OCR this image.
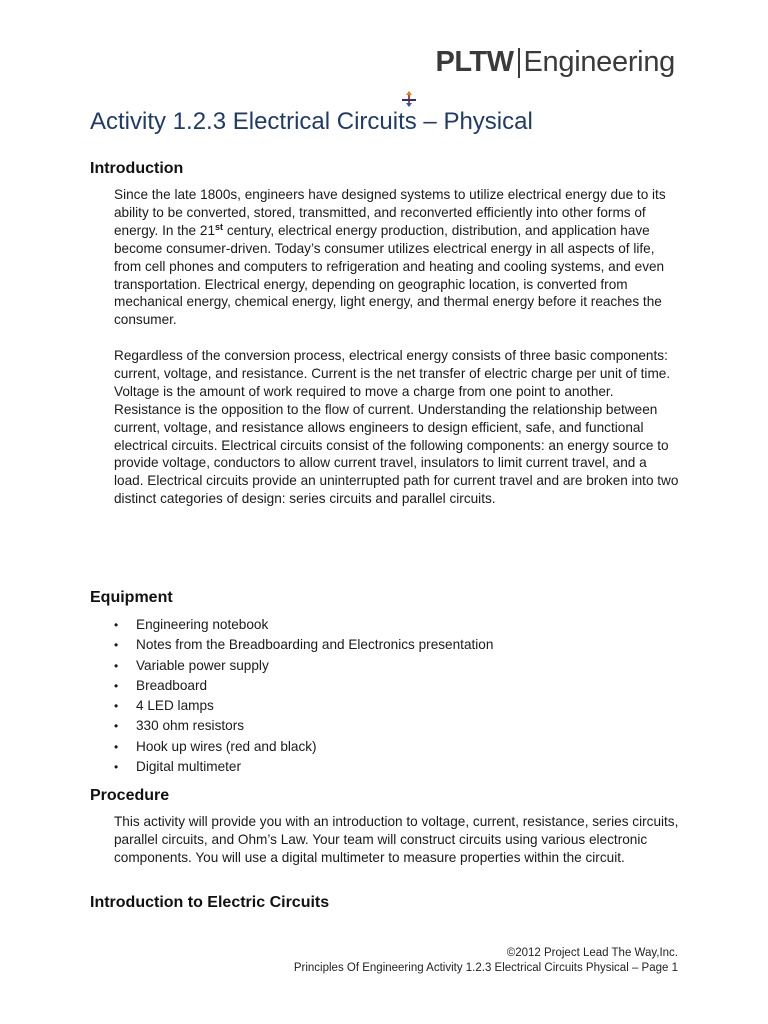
PLTW Engineering
Activity 1.2.3 Electrical Circuits – Physical
Introduction

Since the late 1800s, engineers have designed systems to utilize electrical energy due to its ability to be converted, stored, transmitted, and reconverted efficiently into other forms of energy. In the 21st century, electrical energy production, distribution, and application have become consumer-driven. Today’s consumer utilizes electrical energy in all aspects of life, from cell phones and computers to refrigeration and heating and cooling systems, and even transportation. Electrical energy, depending on geographic location, is converted from mechanical energy, chemical energy, light energy, and thermal energy before it reaches the consumer.

Regardless of the conversion process, electrical energy consists of three basic components: current, voltage, and resistance. Current is the net transfer of electric charge per unit of time. Voltage is the amount of work required to move a charge from one point to another. Resistance is the opposition to the flow of current. Understanding the relationship between current, voltage, and resistance allows engineers to design efficient, safe, and functional electrical circuits. Electrical circuits consist of the following components: an energy source to provide voltage, conductors to allow current travel, insulators to limit current travel, and a load. Electrical circuits provide an uninterrupted path for current travel and are broken into two distinct categories of design: series circuits and parallel circuits.

Equipment
•	Engineering notebook
•	Notes from the Breadboarding and Electronics presentation
•	Variable power supply
•	Breadboard
•	4 LED lamps
•	330 ohm resistors
•	Hook up wires (red and black)
•	Digital multimeter
Procedure

This activity will provide you with an introduction to voltage, current, resistance, series circuits, parallel circuits, and Ohm’s Law. Your team will construct circuits using various electronic components. You will use a digital multimeter to measure properties within the circuit.

Introduction to Electric Circuits
©2012 Project Lead The Way,Inc.
Principles Of Engineering Activity 1.2.3 Electrical Circuits Physical – Page 1
